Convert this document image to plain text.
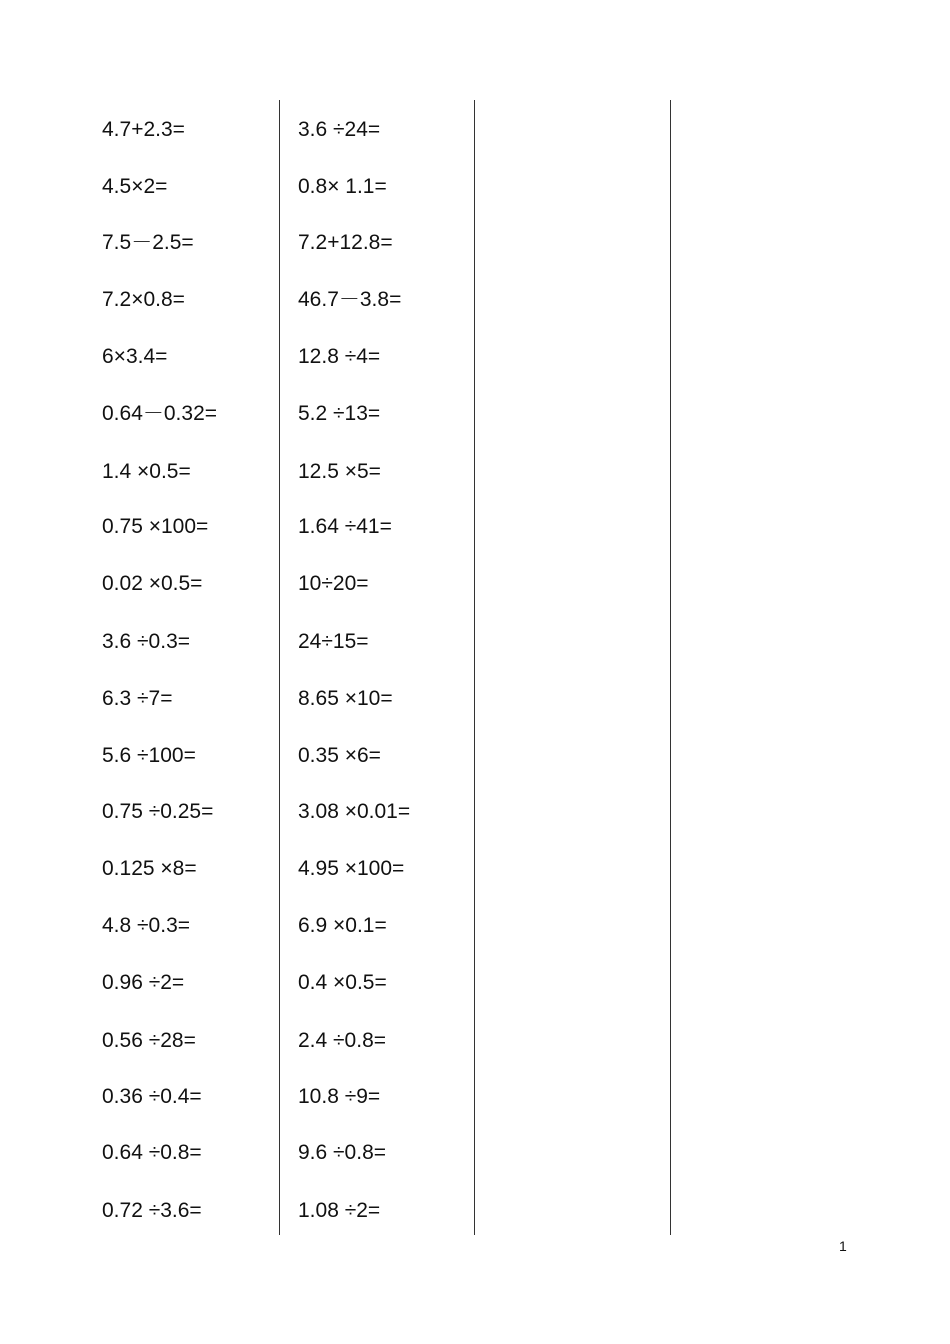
4.7+2.3=
4.5×2=
7.5－2.5=
7.2×0.8=
6×3.4=
0.64－0.32=
1.4 ×0.5=
0.75 ×100=
0.02 ×0.5=
3.6 ÷0.3=
6.3 ÷7=
5.6 ÷100=
0.75 ÷0.25=
0.125 ×8=
4.8 ÷0.3=
0.96 ÷2=
0.56 ÷28=
0.36 ÷0.4=
0.64 ÷0.8=
0.72 ÷3.6=
3.6 ÷24=
0.8× 1.1=
7.2+12.8=
46.7－3.8=
12.8 ÷4=
5.2 ÷13=
12.5 ×5=
1.64 ÷41=
10÷20=
24÷15=
8.65 ×10=
0.35 ×6=
3.08 ×0.01=
4.95 ×100=
6.9 ×0.1=
0.4 ×0.5=
2.4 ÷0.8=
10.8 ÷9=
9.6 ÷0.8=
1.08 ÷2=
1
